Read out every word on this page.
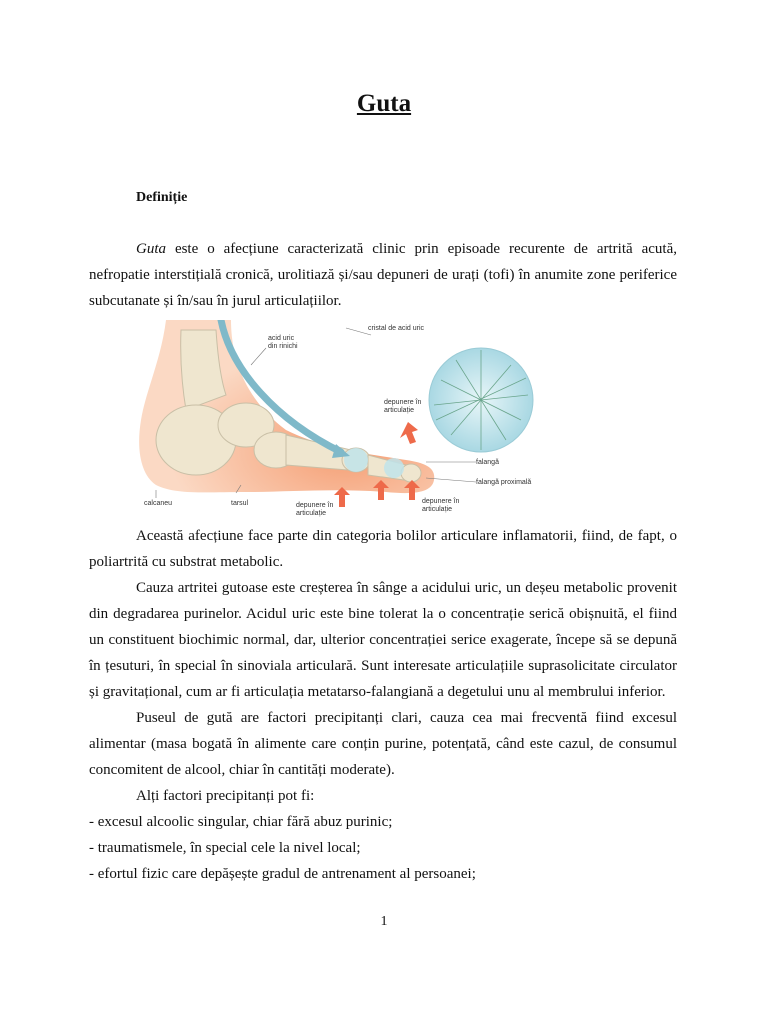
Guta
Definiție
Guta este o afecțiune caracterizată clinic prin episoade recurente de artrită acută, nefropatie interstițială cronică, urolitiază și/sau depuneri de urați (tofi) în anumite zone periferice subcutanate și în/sau în jurul articulațiilor.
acid uric
din rinichi
cristal de acid uric
depunere în
articulație
falangă
falangă proximală
calcaneu	tarsul	depunere în
articulație
depunere în
articulație
referat-uman.com
Această afecțiune face parte din categoria bolilor articulare inflamatorii, fiind, de fapt, o poliartrită cu substrat metabolic.
Cauza artritei gutoase este creșterea în sânge a acidului uric, un deșeu metabolic provenit din degradarea purinelor. Acidul uric este bine tolerat la o concentrație serică obișnuită, el fiind un constituent biochimic normal, dar, ulterior concentrației serice exagerate, începe să se depună în țesuturi, în special în sinoviala articulară. Sunt interesate articulațiile suprasolicitate circulator și gravitațional, cum ar fi articulația metatarso-falangiană a degetului unu al membrului inferior.
Puseul de gută are factori precipitanți clari, cauza cea mai frecventă fiind excesul alimentar (masa bogată în alimente care conțin purine, potențată, când este cazul, de consumul concomitent de alcool, chiar în cantități moderate).
Alți factori precipitanți pot fi:
- excesul alcoolic singular, chiar fără abuz purinic;
- traumatismele, în special cele la nivel local;
- efortul fizic care depășește gradul de antrenament al persoanei;
1
